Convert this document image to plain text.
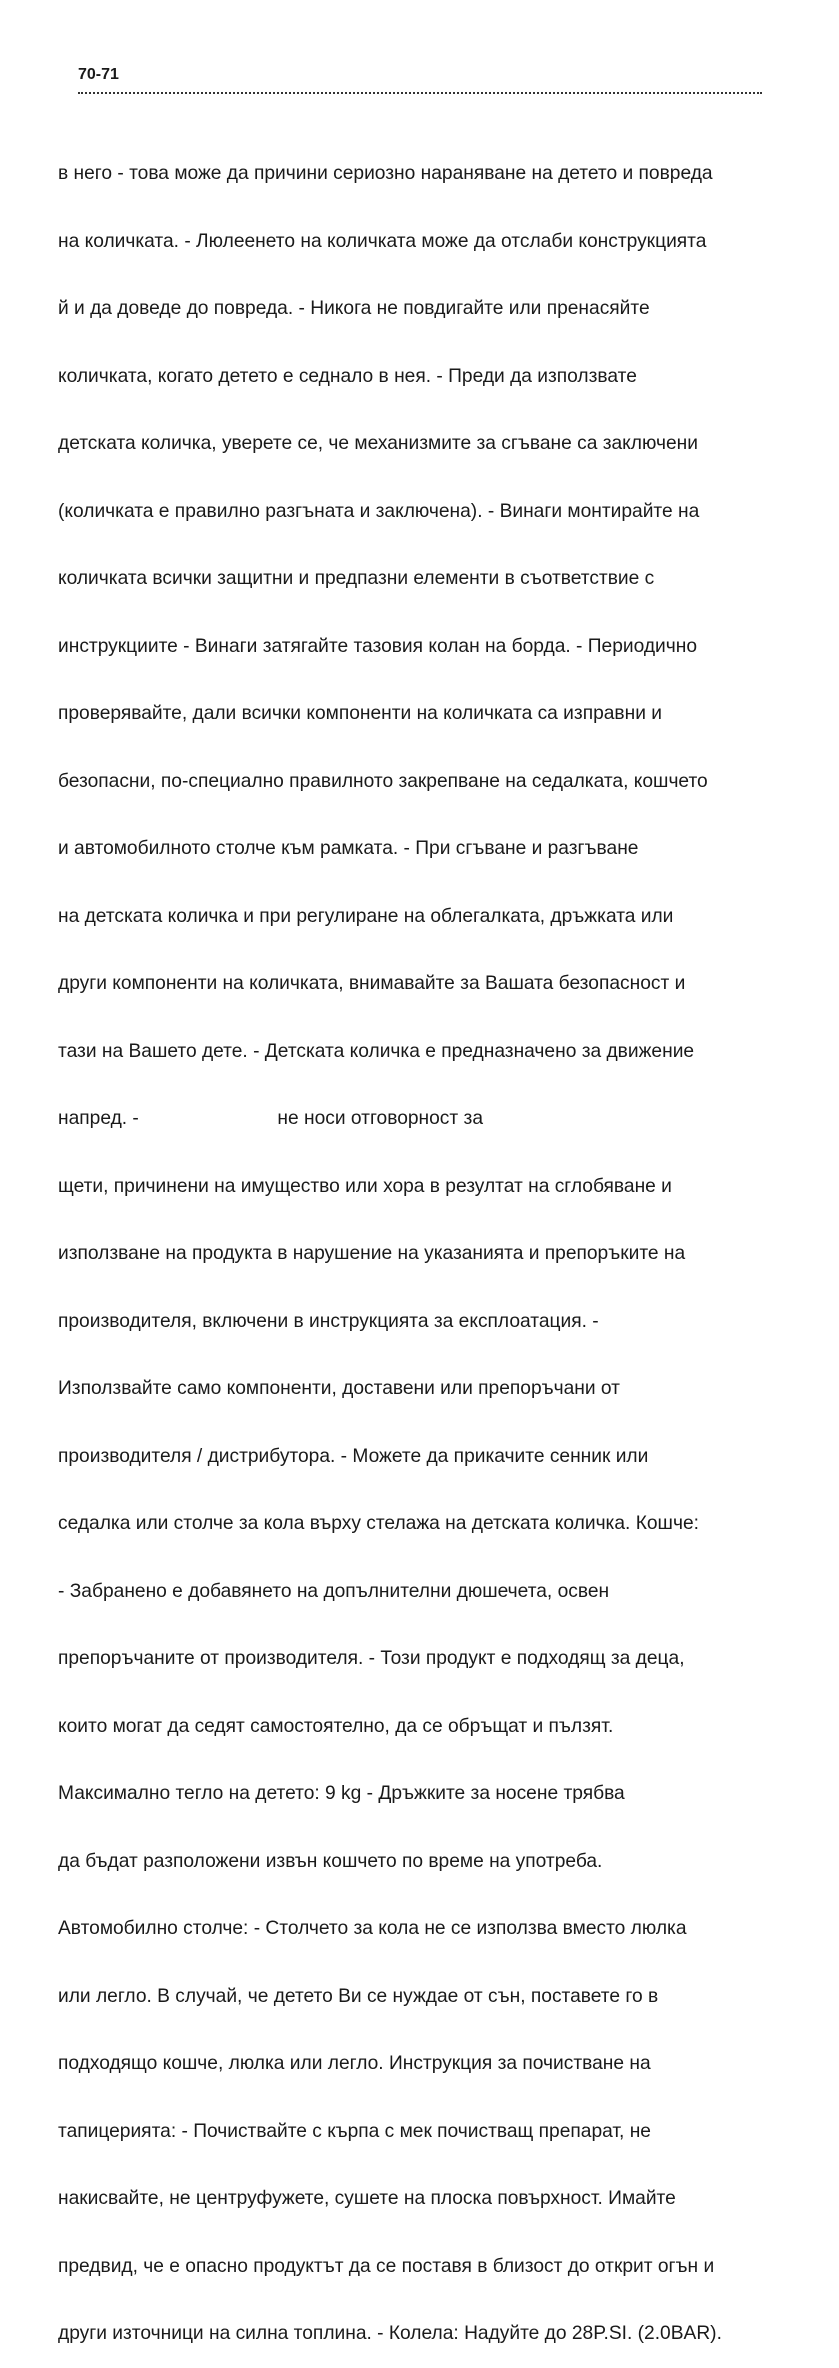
70-71

в него - това може да причини сериозно нараняване на детето и повреда

на количката. - Люлеенето на количката може да отслаби конструкцията

й и да доведе до повреда. - Никога не повдигайте или пренасяйте

количката, когато детето е седнало в нея. - Преди да използвате

детската количка, уверете се, че механизмите за сгъване са заключени

(количката е правилно разгъната и заключена). - Винаги монтирайте на

количката всички защитни и предпазни елементи в съответствие с

инструкциите - Винаги затягайте тазовия колан на борда. - Периодично

проверявайте, дали всички компоненти на количката са изправни и

безопасни, по-специално правилното закрепване на седалката, кошчето

и автомобилното столче към рамката. - При сгъване и разгъване

на детската количка и при регулиране на облегалката, дръжката или

други компоненти на количката, внимавайте за Вашата безопасност и

тази на Вашето дете. - Детската количка е предназначено за движение

напред. -                          не носи отговорност за

щети, причинени на имущество или хора в резултат на сглобяване и

използване на продукта в нарушение на указанията и препоръките на

производителя, включени в инструкцията за експлоатация. -

Използвайте само компоненти, доставени или препоръчани от

производителя / дистрибутора. - Можете да прикачите сенник или

седалка или столче за кола върху стелажа на детската количка. Кошче:

- Забранено е добавянето на допълнителни дюшечета, освен

препоръчаните от производителя. - Този продукт е подходящ за деца,

които могат да седят самостоятелно, да се обръщат и пълзят.

Максимално тегло на детето: 9 kg - Дръжките за носене трябва

да бъдат разположени извън кошчето по време на употреба.

Автомобилно столче: - Столчето за кола не се използва вместо люлка

или легло. В случай, че детето Ви се нуждае от сън, поставете го в

подходящо кошче, люлка или легло. Инструкция за почистване на

тапицерията: - Почиствайте с кърпа с мек почистващ препарат, не

накисвайте, не центруфужете, сушете на плоска повърхност. Имайте

предвид, че е опасно продуктът да се поставя в близост до открит огън и

други източници на силна топлина. - Колела: Надуйте до 28P.SI. (2.0BAR).
